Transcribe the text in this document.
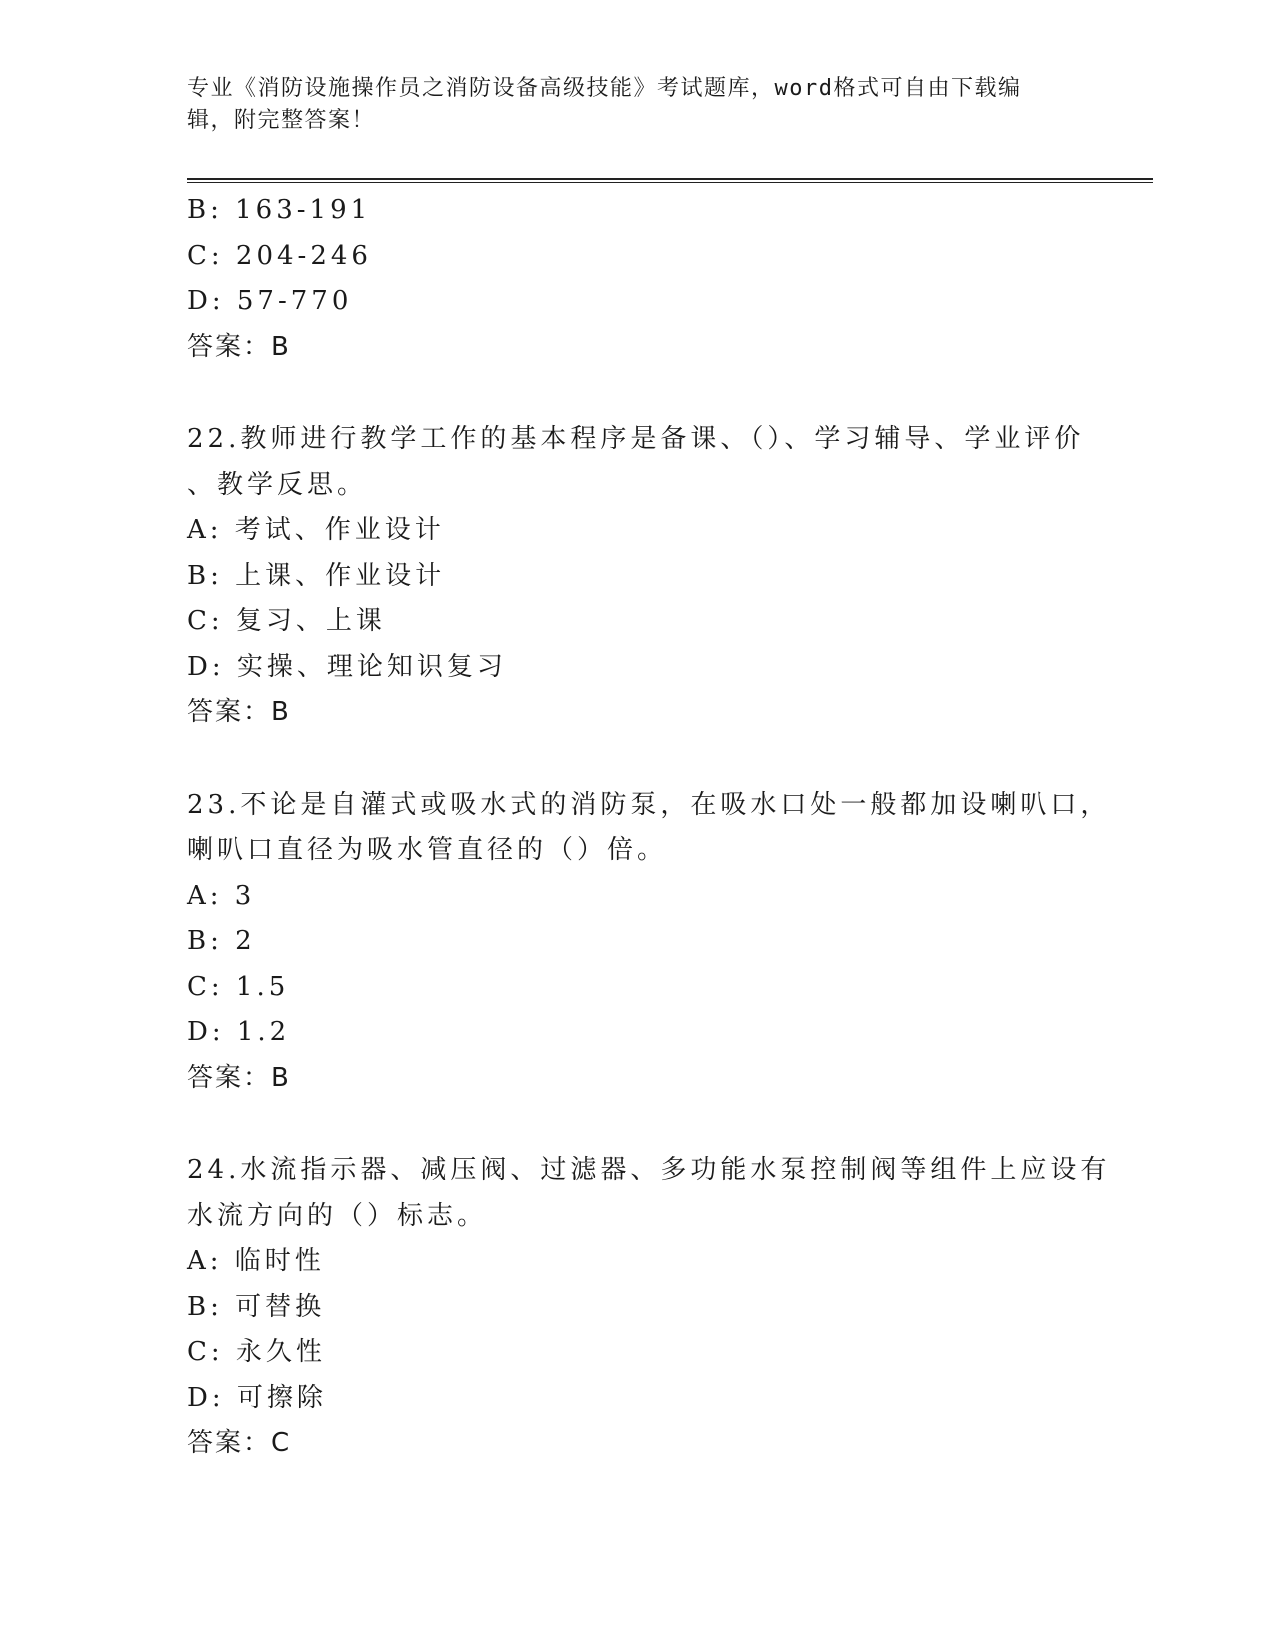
专业《消防设施操作员之消防设备高级技能》考试题库，word格式可自由下载编
辑，附完整答案！
B: 163-191
C: 204-246
D: 57-770
答案：B
22.教师进行教学工作的基本程序是备课、（）、学习辅导、学业评价
、教学反思。
A: 考试、作业设计
B: 上课、作业设计
C: 复习、上课
D: 实操、理论知识复习
答案：B
23.不论是自灌式或吸水式的消防泵，在吸水口处一般都加设喇叭口，
喇叭口直径为吸水管直径的（）倍。
A: 3
B: 2
C: 1.5
D: 1.2
答案：B
24.水流指示器、减压阀、过滤器、多功能水泵控制阀等组件上应设有
水流方向的（）标志。
A: 临时性
B: 可替换
C: 永久性
D: 可擦除
答案：C
